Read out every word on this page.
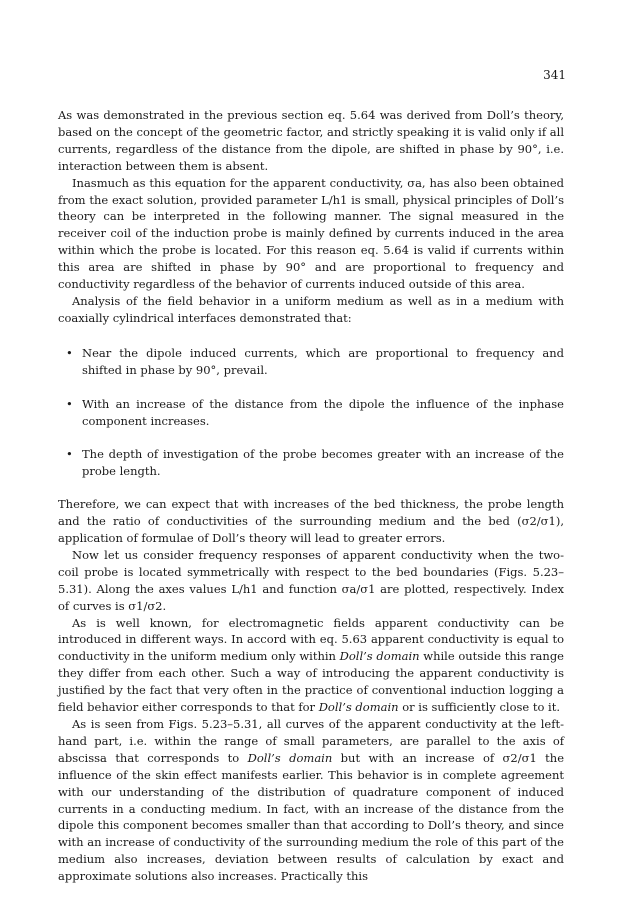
341

As was demonstrated in the previous section eq. 5.64 was derived from Doll’s theory, based on the concept of the geometric factor, and strictly speaking it is valid only if all currents, regardless of the distance from the dipole, are shifted in phase by 90°, i.e. interaction between them is absent.

Inasmuch as this equation for the apparent conductivity, σa, has also been obtained from the exact solution, provided parameter L/h1 is small, physical principles of Doll’s theory can be interpreted in the following manner. The signal measured in the receiver coil of the induction probe is mainly defined by currents induced in the area within which the probe is located. For this reason eq. 5.64 is valid if currents within this area are shifted in phase by 90° and are proportional to frequency and conductivity regardless of the behavior of currents induced outside of this area.

Analysis of the field behavior in a uniform medium as well as in a medium with coaxially cylindrical interfaces demonstrated that:

• Near the dipole induced currents, which are proportional to frequency and shifted in phase by 90°, prevail.
• With an increase of the distance from the dipole the influence of the inphase component increases.
• The depth of investigation of the probe becomes greater with an increase of the probe length.

Therefore, we can expect that with increases of the bed thickness, the probe length and the ratio of conductivities of the surrounding medium and the bed (σ2/σ1), application of formulae of Doll’s theory will lead to greater errors.

Now let us consider frequency responses of apparent conductivity when the two-coil probe is located symmetrically with respect to the bed boundaries (Figs. 5.23–5.31). Along the axes values L/h1 and function σa/σ1 are plotted, respectively. Index of curves is σ1/σ2.

As is well known, for electromagnetic fields apparent conductivity can be introduced in different ways. In accord with eq. 5.63 apparent conductivity is equal to conductivity in the uniform medium only within Doll’s domain while outside this range they differ from each other. Such a way of introducing the apparent conductivity is justified by the fact that very often in the practice of conventional induction logging a field behavior either corresponds to that for Doll’s domain or is sufficiently close to it.

As is seen from Figs. 5.23–5.31, all curves of the apparent conductivity at the left-hand part, i.e. within the range of small parameters, are parallel to the axis of abscissa that corresponds to Doll’s domain but with an increase of σ2/σ1 the influence of the skin effect manifests earlier. This behavior is in complete agreement with our understanding of the distribution of quadrature component of induced currents in a conducting medium. In fact, with an increase of the distance from the dipole this component becomes smaller than that according to Doll’s theory, and since with an increase of conductivity of the surrounding medium the role of this part of the medium also increases, deviation between results of calculation by exact and approximate solutions also increases. Practically this
